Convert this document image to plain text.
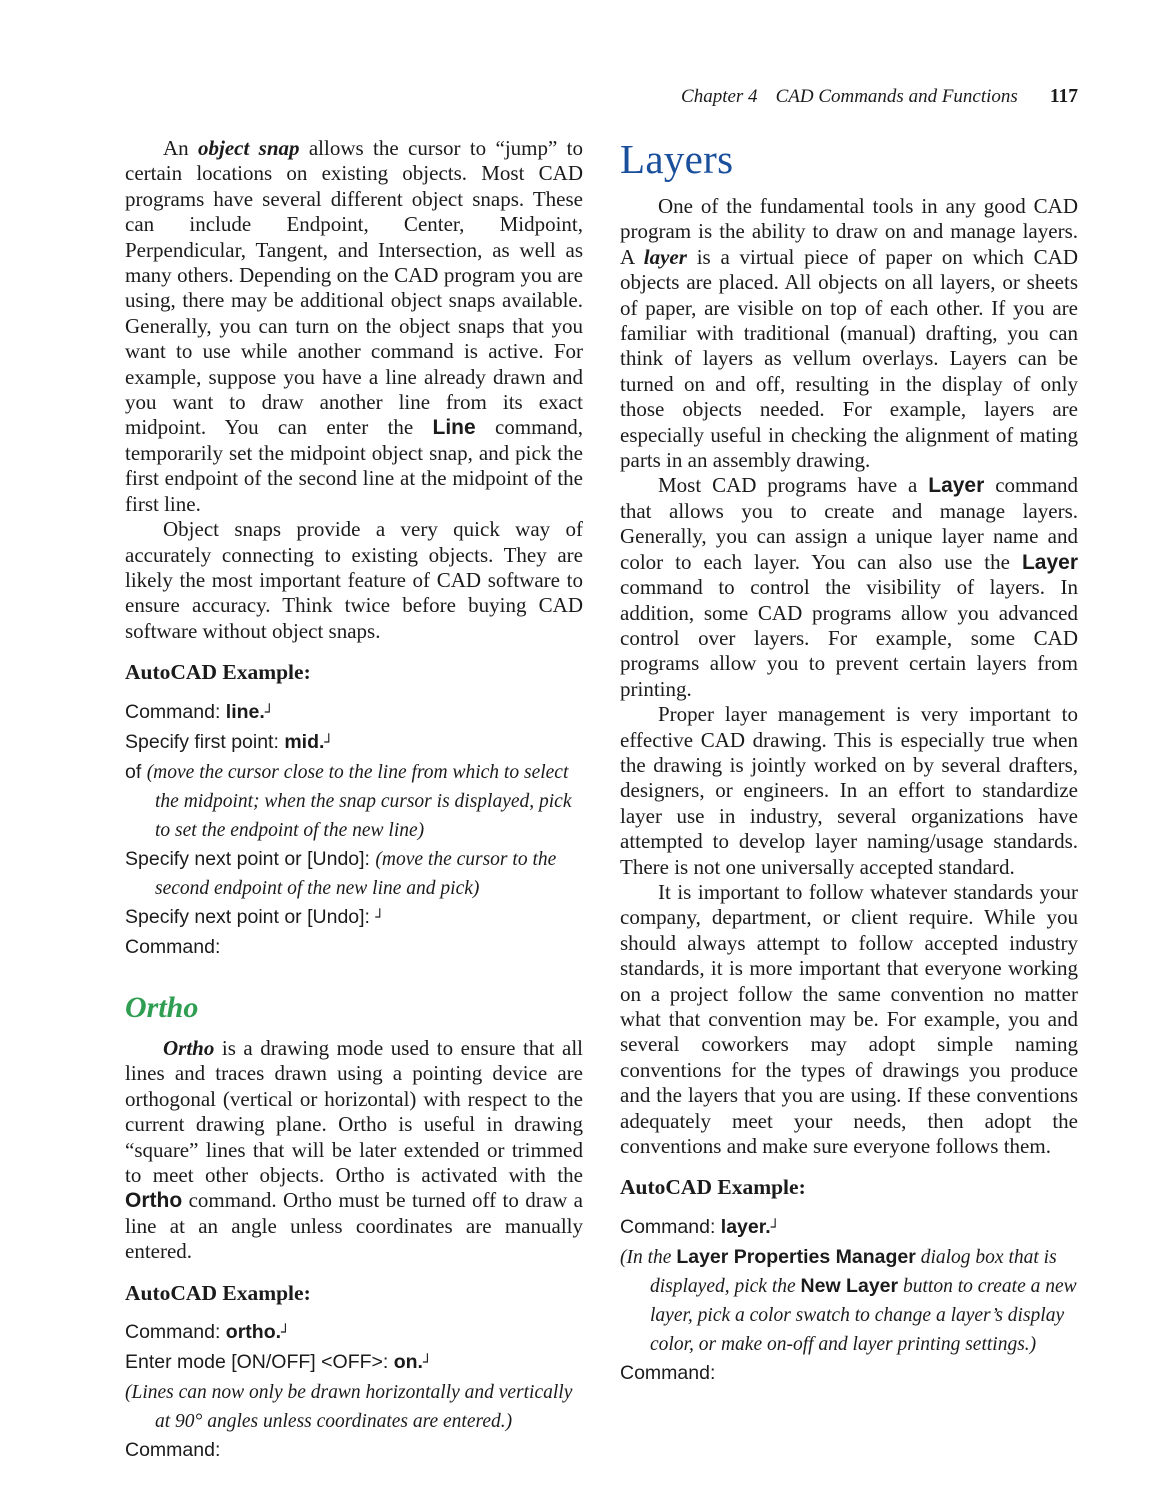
Chapter 4 CAD Commands and Functions 117

An object snap allows the cursor to “jump” to certain locations on existing objects. Most CAD programs have several different object snaps. These can include Endpoint, Center, Midpoint, Perpendicular, Tangent, and Intersection, as well as many others. Depending on the CAD program you are using, there may be additional object snaps available. Generally, you can turn on the object snaps that you want to use while another command is active. For example, suppose you have a line already drawn and you want to draw another line from its exact midpoint. You can enter the Line command, temporarily set the midpoint object snap, and pick the first endpoint of the second line at the midpoint of the first line.

Object snaps provide a very quick way of accurately connecting to existing objects. They are likely the most important feature of CAD software to ensure accuracy. Think twice before buying CAD software without object snaps.

AutoCAD Example:
Command: line.┘
Specify first point: mid.┘
of (move the cursor close to the line from which to select the midpoint; when the snap cursor is displayed, pick to set the endpoint of the new line)
Specify next point or [Undo]: (move the cursor to the second endpoint of the new line and pick)
Specify next point or [Undo]: ┘
Command:
Ortho

Ortho is a drawing mode used to ensure that all lines and traces drawn using a pointing device are orthogonal (vertical or horizontal) with respect to the current drawing plane. Ortho is useful in drawing “square” lines that will be later extended or trimmed to meet other objects. Ortho is activated with the Ortho command. Ortho must be turned off to draw a line at an angle unless coordinates are manually entered.

AutoCAD Example:
Command: ortho.┘
Enter mode [ON/OFF] <OFF>: on.┘
(Lines can now only be drawn horizontally and vertically at 90° angles unless coordinates are entered.)
Command:
Layers

One of the fundamental tools in any good CAD program is the ability to draw on and manage layers. A layer is a virtual piece of paper on which CAD objects are placed. All objects on all layers, or sheets of paper, are visible on top of each other. If you are familiar with traditional (manual) drafting, you can think of layers as vellum overlays. Layers can be turned on and off, resulting in the display of only those objects needed. For example, layers are especially useful in checking the alignment of mating parts in an assembly drawing.

Most CAD programs have a Layer command that allows you to create and manage layers. Generally, you can assign a unique layer name and color to each layer. You can also use the Layer command to control the visibility of layers. In addition, some CAD programs allow you advanced control over layers. For example, some CAD programs allow you to prevent certain layers from printing.

Proper layer management is very important to effective CAD drawing. This is especially true when the drawing is jointly worked on by several drafters, designers, or engineers. In an effort to standardize layer use in industry, several organizations have attempted to develop layer naming/usage standards. There is not one universally accepted standard.

It is important to follow whatever standards your company, department, or client require. While you should always attempt to follow accepted industry standards, it is more important that everyone working on a project follow the same convention no matter what that convention may be. For example, you and several coworkers may adopt simple naming conventions for the types of drawings you produce and the layers that you are using. If these conventions adequately meet your needs, then adopt the conventions and make sure everyone follows them.

AutoCAD Example:
Command: layer.┘
(In the Layer Properties Manager dialog box that is displayed, pick the New Layer button to create a new layer, pick a color swatch to change a layer’s display color, or make on-off and layer printing settings.)
Command:
